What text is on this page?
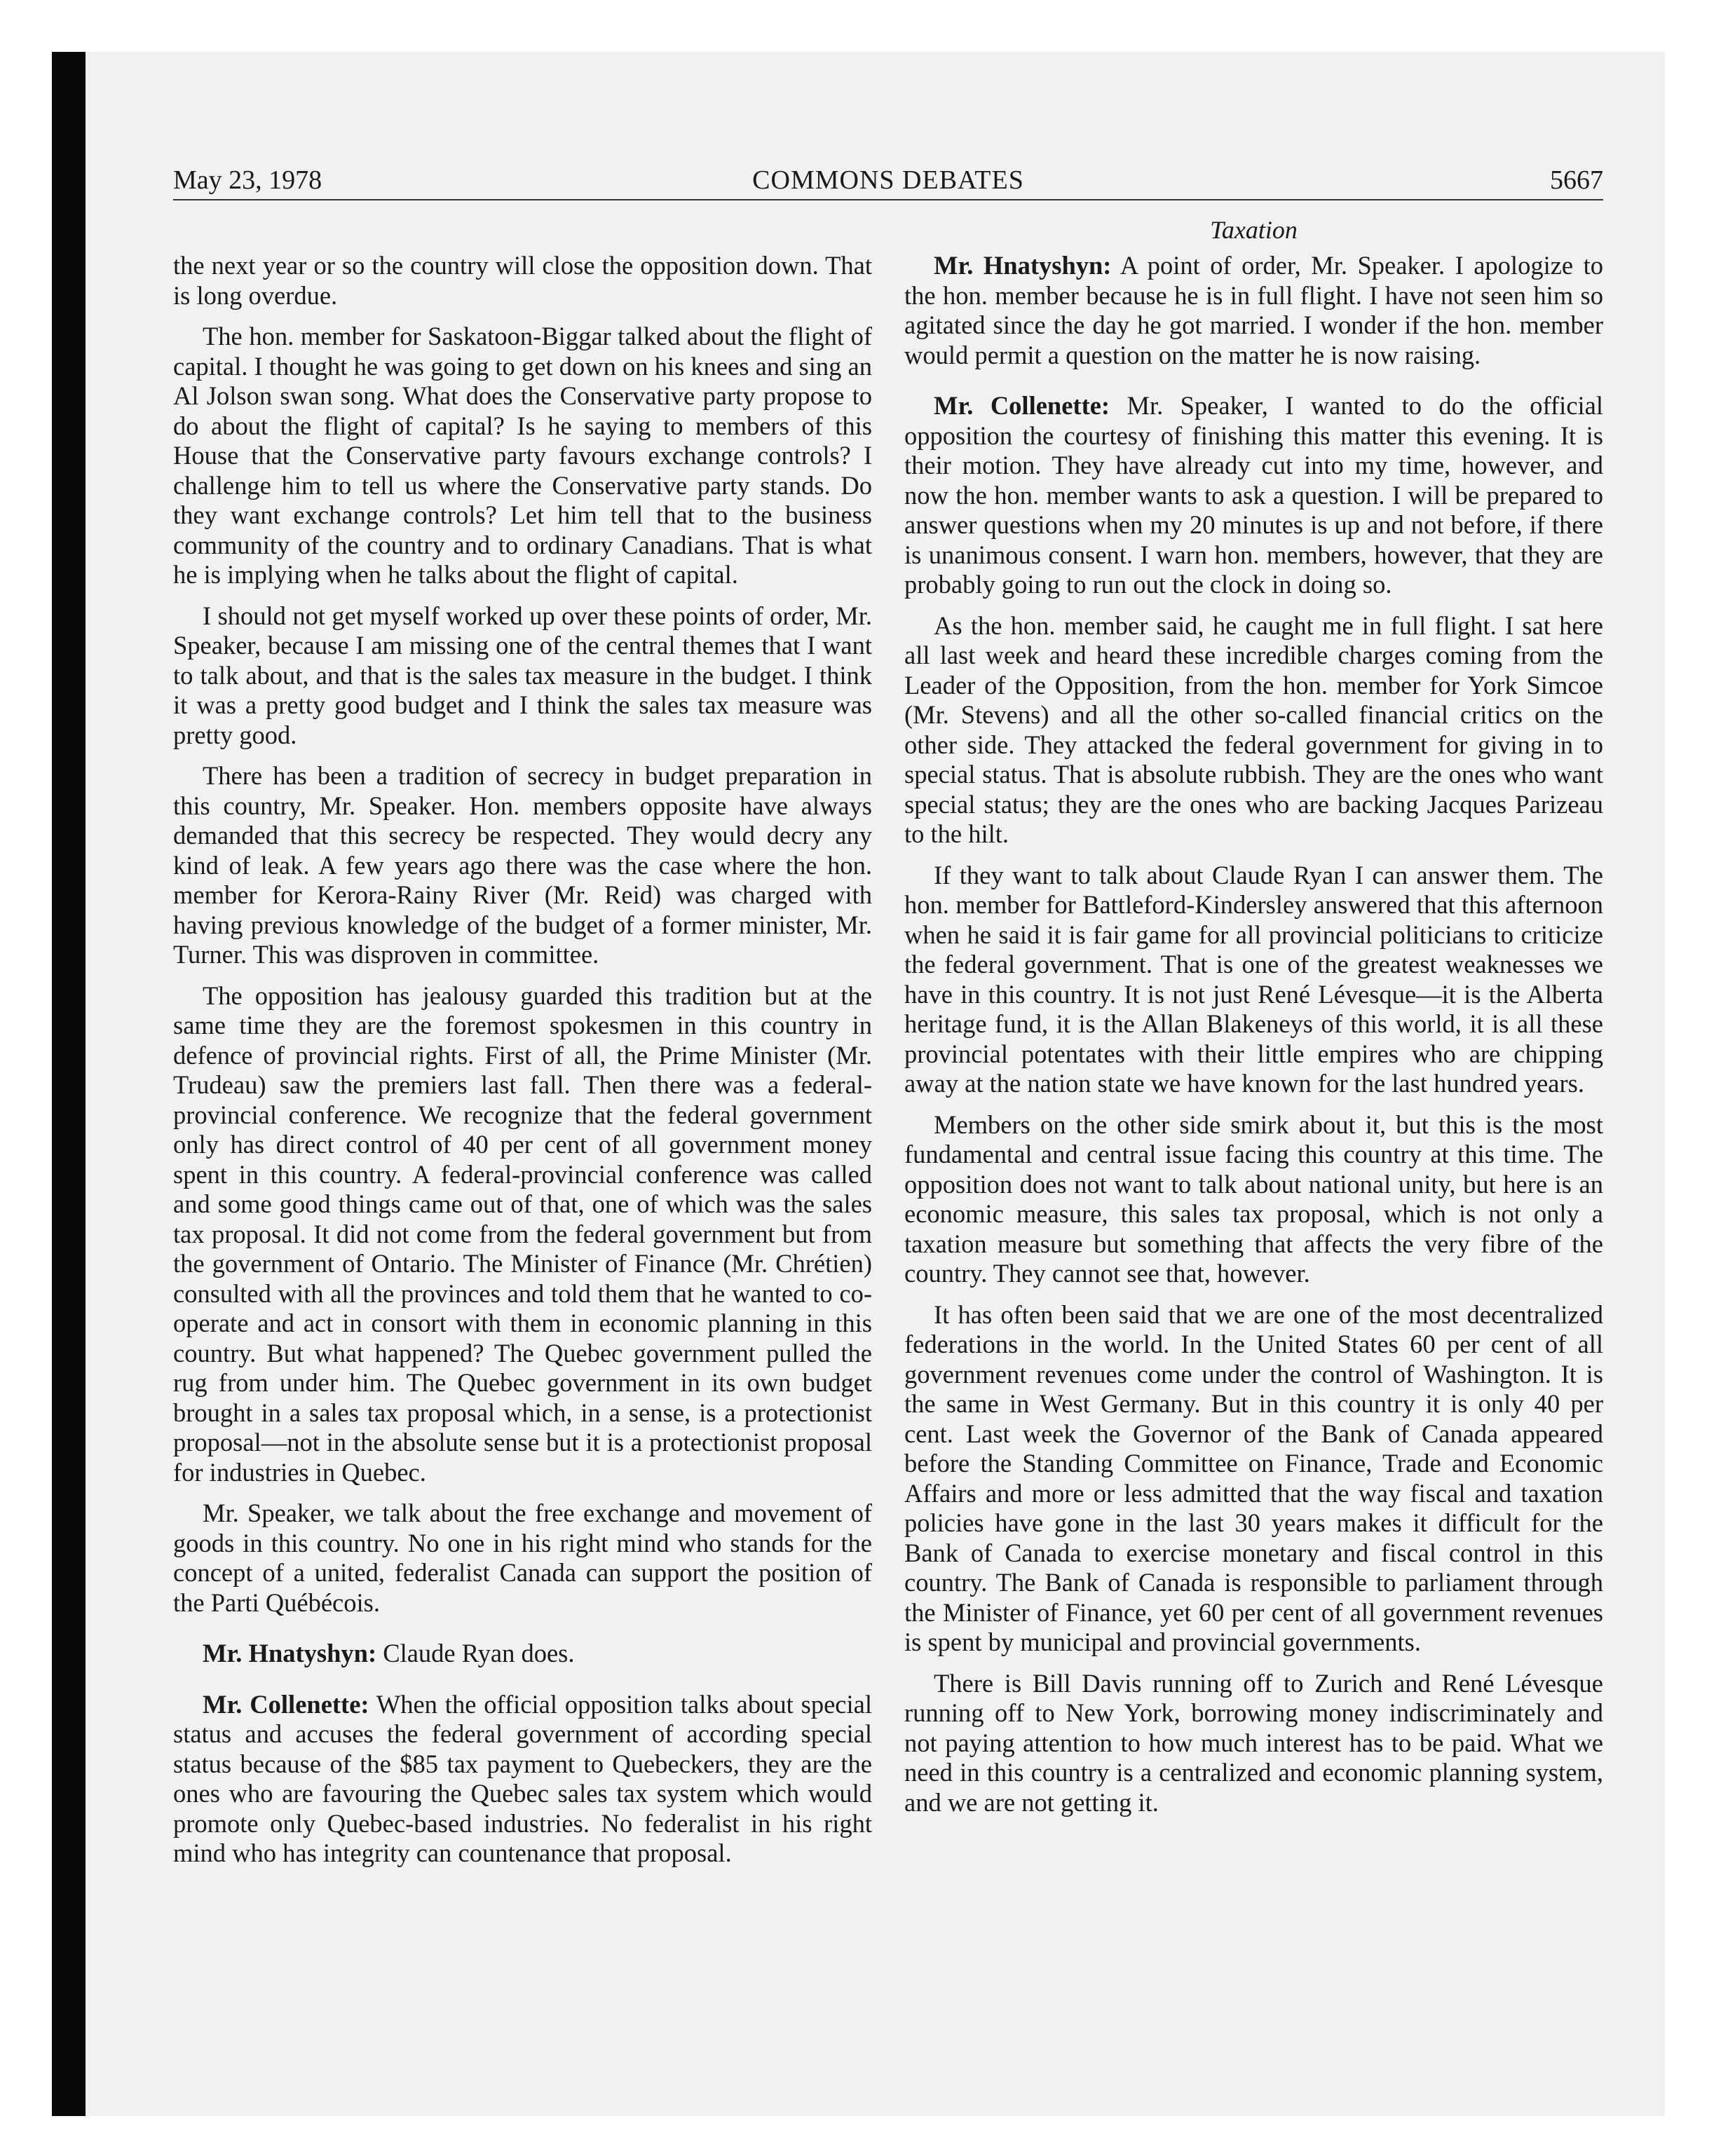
May 23, 1978	COMMONS DEBATES	5667
Taxation

the next year or so the country will close the opposition down. That is long overdue.

The hon. member for Saskatoon-Biggar talked about the flight of capital. I thought he was going to get down on his knees and sing an Al Jolson swan song. What does the Conservative party propose to do about the flight of capital? Is he saying to members of this House that the Conservative party favours exchange controls? I challenge him to tell us where the Conservative party stands. Do they want exchange controls? Let him tell that to the business community of the country and to ordinary Canadians. That is what he is implying when he talks about the flight of capital.

I should not get myself worked up over these points of order, Mr. Speaker, because I am missing one of the central themes that I want to talk about, and that is the sales tax measure in the budget. I think it was a pretty good budget and I think the sales tax measure was pretty good.

There has been a tradition of secrecy in budget preparation in this country, Mr. Speaker. Hon. members opposite have always demanded that this secrecy be respected. They would decry any kind of leak. A few years ago there was the case where the hon. member for Kerora-Rainy River (Mr. Reid) was charged with having previous knowledge of the budget of a former minister, Mr. Turner. This was disproven in committee.

The opposition has jealousy guarded this tradition but at the same time they are the foremost spokesmen in this country in defence of provincial rights. First of all, the Prime Minister (Mr. Trudeau) saw the premiers last fall. Then there was a federal-provincial conference. We recognize that the federal government only has direct control of 40 per cent of all government money spent in this country. A federal-provincial conference was called and some good things came out of that, one of which was the sales tax proposal. It did not come from the federal government but from the government of Ontario. The Minister of Finance (Mr. Chrétien) consulted with all the provinces and told them that he wanted to co-operate and act in consort with them in economic planning in this country. But what happened? The Quebec government pulled the rug from under him. The Quebec government in its own budget brought in a sales tax proposal which, in a sense, is a protectionist proposal—not in the absolute sense but it is a protectionist proposal for industries in Quebec.

Mr. Speaker, we talk about the free exchange and movement of goods in this country. No one in his right mind who stands for the concept of a united, federalist Canada can support the position of the Parti Québécois.

Mr. Hnatyshyn: Claude Ryan does.

Mr. Collenette: When the official opposition talks about special status and accuses the federal government of according special status because of the $85 tax payment to Quebeckers, they are the ones who are favouring the Quebec sales tax system which would promote only Quebec-based industries. No federalist in his right mind who has integrity can countenance that proposal.

Mr. Hnatyshyn: A point of order, Mr. Speaker. I apologize to the hon. member because he is in full flight. I have not seen him so agitated since the day he got married. I wonder if the hon. member would permit a question on the matter he is now raising.

Mr. Collenette: Mr. Speaker, I wanted to do the official opposition the courtesy of finishing this matter this evening. It is their motion. They have already cut into my time, however, and now the hon. member wants to ask a question. I will be prepared to answer questions when my 20 minutes is up and not before, if there is unanimous consent. I warn hon. members, however, that they are probably going to run out the clock in doing so.

As the hon. member said, he caught me in full flight. I sat here all last week and heard these incredible charges coming from the Leader of the Opposition, from the hon. member for York Simcoe (Mr. Stevens) and all the other so-called financial critics on the other side. They attacked the federal government for giving in to special status. That is absolute rubbish. They are the ones who want special status; they are the ones who are backing Jacques Parizeau to the hilt.

If they want to talk about Claude Ryan I can answer them. The hon. member for Battleford-Kindersley answered that this afternoon when he said it is fair game for all provincial politicians to criticize the federal government. That is one of the greatest weaknesses we have in this country. It is not just René Lévesque—it is the Alberta heritage fund, it is the Allan Blakeneys of this world, it is all these provincial potentates with their little empires who are chipping away at the nation state we have known for the last hundred years.

Members on the other side smirk about it, but this is the most fundamental and central issue facing this country at this time. The opposition does not want to talk about national unity, but here is an economic measure, this sales tax proposal, which is not only a taxation measure but something that affects the very fibre of the country. They cannot see that, however.

It has often been said that we are one of the most decentralized federations in the world. In the United States 60 per cent of all government revenues come under the control of Washington. It is the same in West Germany. But in this country it is only 40 per cent. Last week the Governor of the Bank of Canada appeared before the Standing Committee on Finance, Trade and Economic Affairs and more or less admitted that the way fiscal and taxation policies have gone in the last 30 years makes it difficult for the Bank of Canada to exercise monetary and fiscal control in this country. The Bank of Canada is responsible to parliament through the Minister of Finance, yet 60 per cent of all government revenues is spent by municipal and provincial governments.

There is Bill Davis running off to Zurich and René Lévesque running off to New York, borrowing money indiscriminately and not paying attention to how much interest has to be paid. What we need in this country is a centralized and economic planning system, and we are not getting it.
